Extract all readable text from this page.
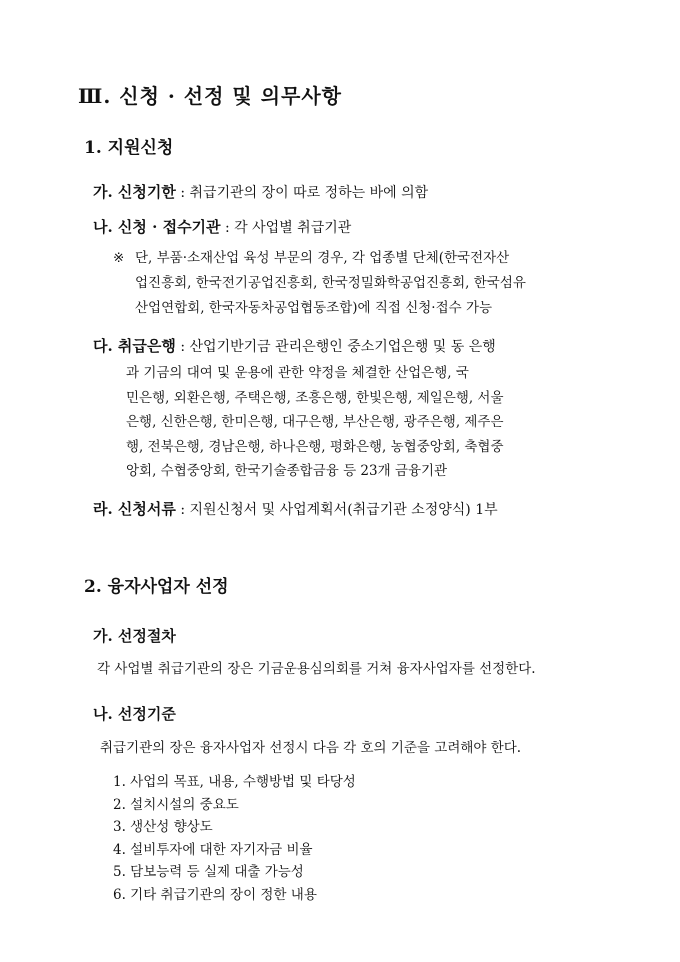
Ⅲ. 신청 · 선정 및 의무사항
1. 지원신청
가. 신청기한 : 취급기관의 장이 따로 정하는 바에 의함
나. 신청 · 접수기관 : 각 사업별 취급기관
※ 단, 부품·소재산업 육성 부문의 경우, 각 업종별 단체(한국전자산
업진흥회, 한국전기공업진흥회, 한국정밀화학공업진흥회, 한국섬유
산업연합회, 한국자동차공업협동조합)에 직접 신청·접수 가능
다. 취급은행 : 산업기반기금 관리은행인 중소기업은행 및 동 은행
과 기금의 대여 및 운용에 관한 약정을 체결한 산업은행, 국
민은행, 외환은행, 주택은행, 조흥은행, 한빛은행, 제일은행, 서울
은행, 신한은행, 한미은행, 대구은행, 부산은행, 광주은행, 제주은
행, 전북은행, 경남은행, 하나은행, 평화은행, 농협중앙회, 축협중
앙회, 수협중앙회, 한국기술종합금융 등 23개 금융기관
라. 신청서류 : 지원신청서 및 사업계획서(취급기관 소정양식) 1부
2. 융자사업자 선정
가. 선정절차
각 사업별 취급기관의 장은 기금운용심의회를 거쳐 융자사업자를 선정한다.
나. 선정기준
취급기관의 장은 융자사업자 선정시 다음 각 호의 기준을 고려해야 한다.
1. 사업의 목표, 내용, 수행방법 및 타당성
2. 설치시설의 중요도
3. 생산성 향상도
4. 설비투자에 대한 자기자금 비율
5. 담보능력 등 실제 대출 가능성
6. 기타 취급기관의 장이 정한 내용
